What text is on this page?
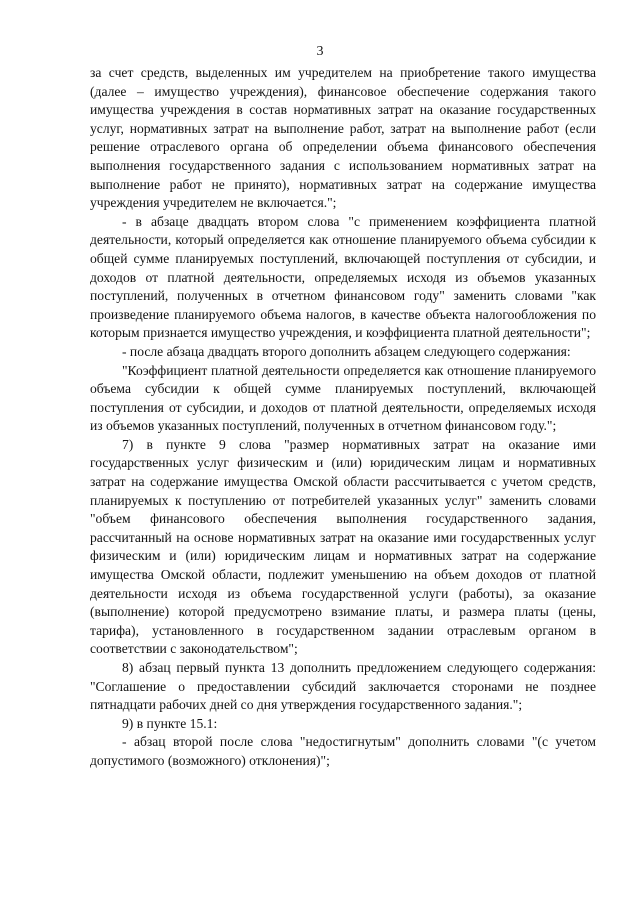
3

за счет средств, выделенных им учредителем на приобретение такого имущества (далее – имущество учреждения), финансовое обеспечение содержания такого имущества учреждения в состав нормативных затрат на оказание государственных услуг, нормативных затрат на выполнение работ, затрат на выполнение работ (если решение отраслевого органа об определении объема финансового обеспечения выполнения государственного задания с использованием нормативных затрат на выполнение работ не принято), нормативных затрат на содержание имущества учреждения учредителем не включается.";

- в абзаце двадцать втором слова "с применением коэффициента платной деятельности, который определяется как отношение планируемого объема субсидии к общей сумме планируемых поступлений, включающей поступления от субсидии, и доходов от платной деятельности, определяемых исходя из объемов указанных поступлений, полученных в отчетном финансовом году" заменить словами "как произведение планируемого объема налогов, в качестве объекта налогообложения по которым признается имущество учреждения, и коэффициента платной деятельности";

- после абзаца двадцать второго дополнить абзацем следующего содержания:

"Коэффициент платной деятельности определяется как отношение планируемого объема субсидии к общей сумме планируемых поступлений, включающей поступления от субсидии, и доходов от платной деятельности, определяемых исходя из объемов указанных поступлений, полученных в отчетном финансовом году.";

7) в пункте 9 слова "размер нормативных затрат на оказание ими государственных услуг физическим и (или) юридическим лицам и нормативных затрат на содержание имущества Омской области рассчитывается с учетом средств, планируемых к поступлению от потребителей указанных услуг" заменить словами "объем финансового обеспечения выполнения государственного задания, рассчитанный на основе нормативных затрат на оказание ими государственных услуг физическим и (или) юридическим лицам и нормативных затрат на содержание имущества Омской области, подлежит уменьшению на объем доходов от платной деятельности исходя из объема государственной услуги (работы), за оказание (выполнение) которой предусмотрено взимание платы, и размера платы (цены, тарифа), установленного в государственном задании отраслевым органом в соответствии с законодательством";

8) абзац первый пункта 13 дополнить предложением следующего содержания: "Соглашение о предоставлении субсидий заключается сторонами не позднее пятнадцати рабочих дней со дня утверждения государственного задания.";

9) в пункте 15.1:

- абзац второй после слова "недостигнутым" дополнить словами "(с учетом допустимого (возможного) отклонения)";
